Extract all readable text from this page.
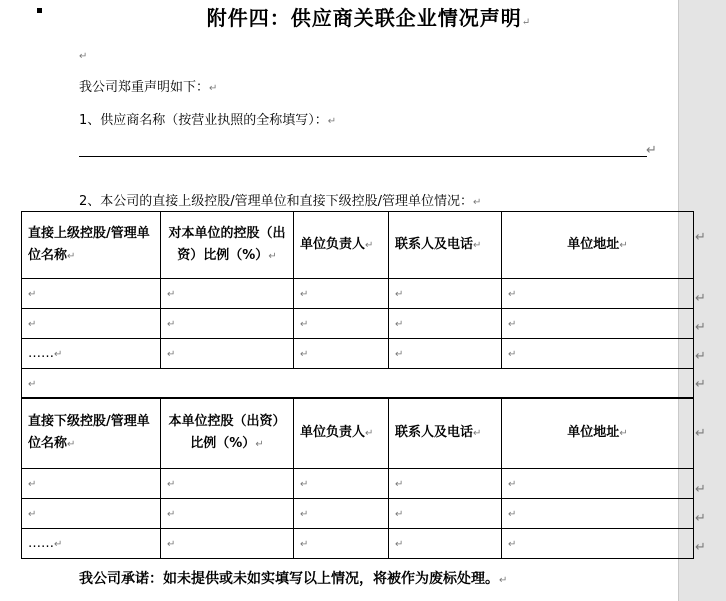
附件四：供应商关联企业情况声明↵
↵
我公司郑重声明如下：↵
1、供应商名称（按营业执照的全称填写）：↵
↵
2、本公司的直接上级控股/管理单位和直接下级控股/管理单位情况：↵
直接上级控股/管理单位名称↵	对本单位的控股（出资）比例（%）↵	单位负责人↵	联系人及电话↵	单位地址↵
↵	↵	↵	↵	↵
↵	↵	↵	↵	↵
……↵	↵	↵	↵	↵
↵				
直接下级控股/管理单位名称↵	本单位控股（出资）比例（%）↵	单位负责人↵	联系人及电话↵	单位地址↵
↵	↵	↵	↵	↵
↵	↵	↵	↵	↵
……↵	↵	↵	↵	↵
↵
↵
↵
↵
↵
↵
↵
↵
↵
我公司承诺：如未提供或未如实填写以上情况，将被作为废标处理。↵
